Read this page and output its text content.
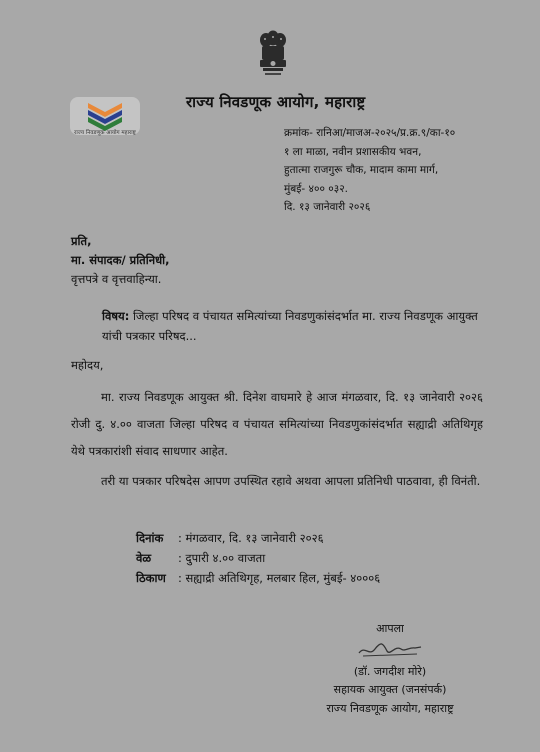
राज्य निवडणूक आयोग, महाराष्ट्र
राज्य निवडणूक आयोग महाराष्ट्र	क्रमांक- रानिआ/माजअ-२०२५/प्र.क्र.९/का-१०
१ ला माळा, नवीन प्रशासकीय भवन,
हुतात्मा राजगुरू चौक, मादाम कामा मार्ग,
मुंबई- ४०० ०३२.
दि. १३ जानेवारी २०२६
प्रति,
मा. संपादक/ प्रतिनिधी,
वृत्तपत्रे व वृत्तवाहिन्या.
विषय: जिल्हा परिषद व पंचायत समित्यांच्या निवडणुकांसंदर्भात मा. राज्य निवडणूक आयुक्त यांची पत्रकार परिषद...
महोदय,
मा. राज्य निवडणूक आयुक्त श्री. दिनेश वाघमारे हे आज मंगळवार, दि. १३ जानेवारी २०२६ रोजी दु. ४.०० वाजता जिल्हा परिषद व पंचायत समित्यांच्या निवडणुकांसंदर्भात सह्याद्री अतिथिगृह येथे पत्रकारांशी संवाद साधणार आहेत.
तरी या पत्रकार परिषदेस आपण उपस्थित रहावे अथवा आपला प्रतिनिधी पाठवावा, ही विनंती.
दिनांक	: मंगळवार, दि. १३ जानेवारी २०२६
वेळ	: दुपारी ४.०० वाजता
ठिकाण	: सह्याद्री अतिथिगृह, मलबार हिल, मुंबई- ४०००६
आपला
(डॉ. जगदीश मोरे)
सहायक आयुक्त (जनसंपर्क)
राज्य निवडणूक आयोग, महाराष्ट्र
